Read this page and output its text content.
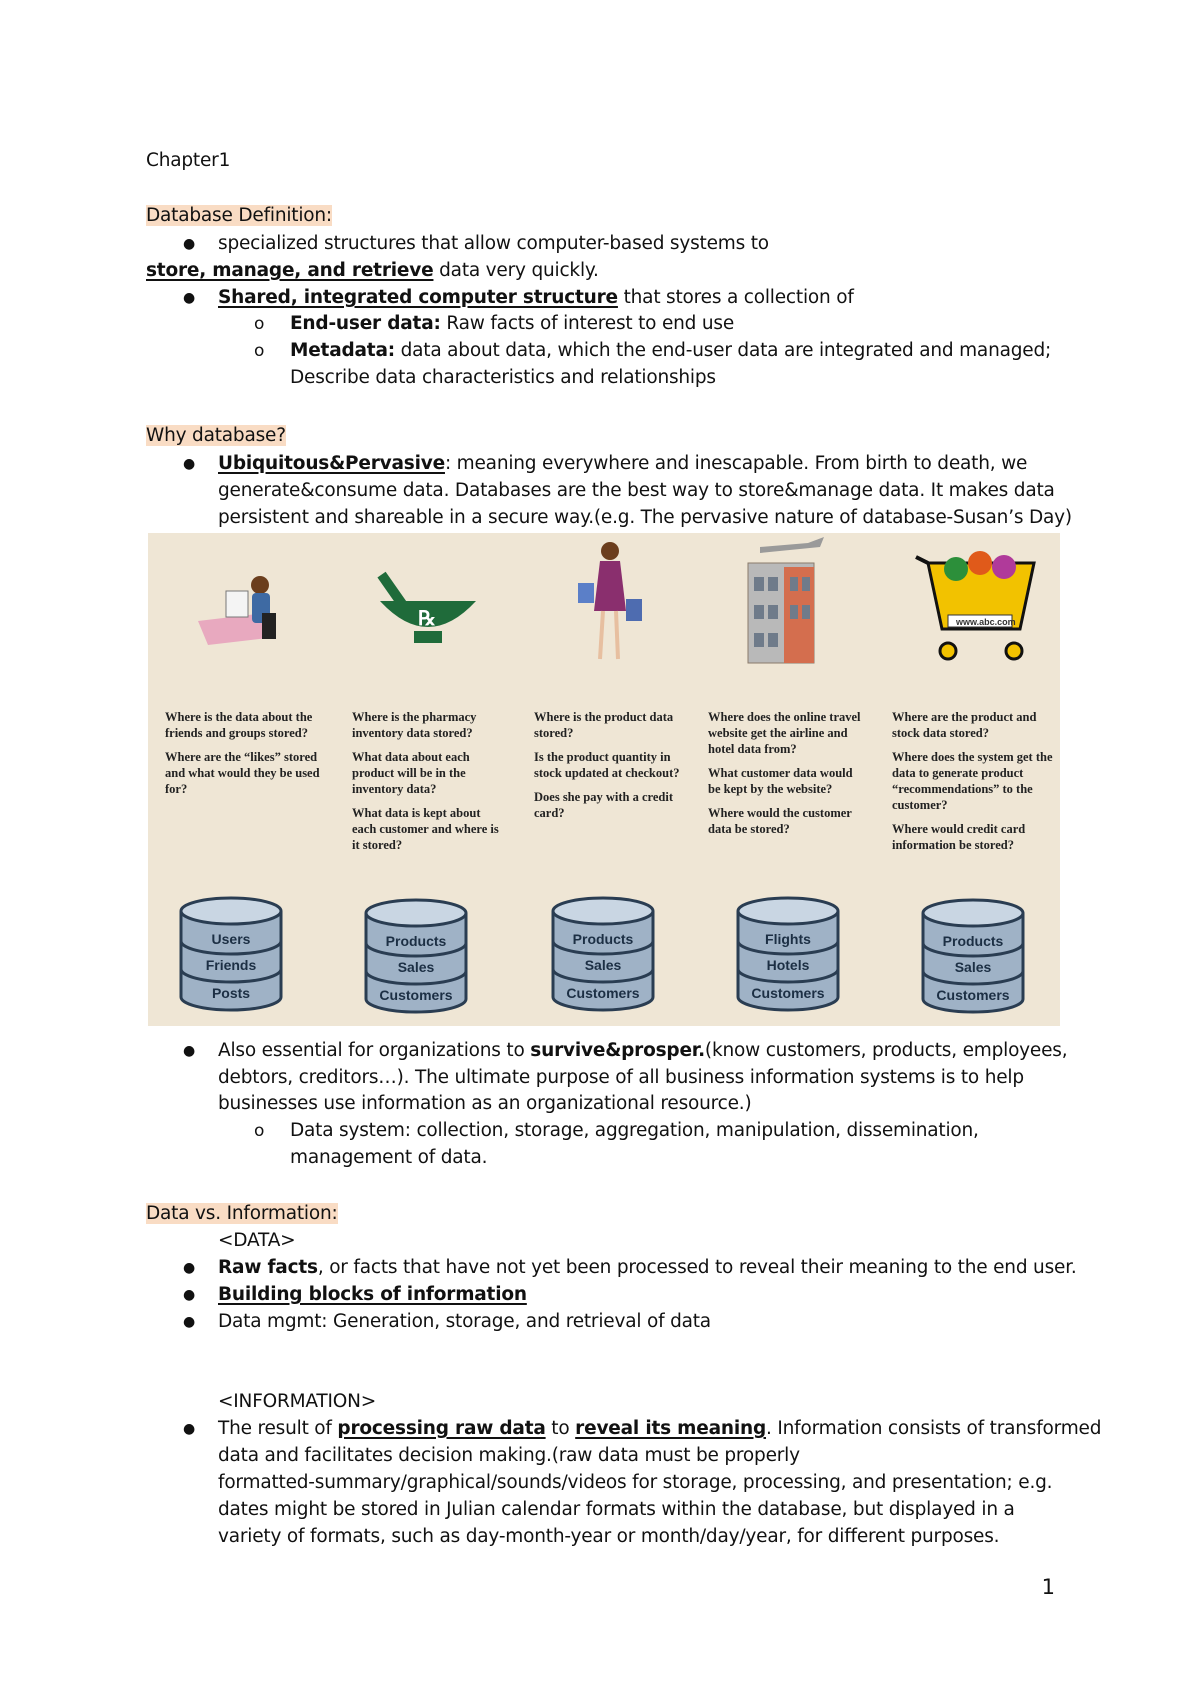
Chapter1
Database Definition:
● specialized structures that allow computer-based systems to
store, manage, and retrieve data very quickly.
● Shared, integrated computer structure that stores a collection of
o End-user data: Raw facts of interest to end use
o Metadata: data about data, which the end-user data are integrated and managed;
Describe data characteristics and relationships
Why database?
● Ubiquitous&Pervasive: meaning everywhere and inescapable. From birth to death, we
generate&consume data. Databases are the best way to store&manage data. It makes data
persistent and shareable in a secure way.(e.g. The pervasive nature of database-Susan’s Day)
℞	www.abc.com

Where is the data about the friends and groups stored?

Where are the “likes” stored and what would they be used for?

Where is the pharmacy inventory data stored?

What data about each product will be in the inventory data?

What data is kept about each customer and where is it stored?

Where is the product data stored?

Is the product quantity in stock updated at checkout?

Does she pay with a credit card?

Where does the online travel website get the airline and hotel data from?

What customer data would be kept by the website?

Where would the customer data be stored?

Where are the product and stock data stored?

Where does the system get the data to generate product “recommendations” to the customer?

Where would credit card information be stored?

Users
Friends
Posts
Products
Sales
Customers
Products
Sales
Customers
Flights
Hotels
Customers
Products
Sales
Customers
● Also essential for organizations to survive&prosper.(know customers, products, employees,
debtors, creditors…). The ultimate purpose of all business information systems is to help
businesses use information as an organizational resource.)
o Data system: collection, storage, aggregation, manipulation, dissemination,
management of data.
Data vs. Information:
<DATA>
● Raw facts, or facts that have not yet been processed to reveal their meaning to the end user.
● Building blocks of information
● Data mgmt: Generation, storage, and retrieval of data
<INFORMATION>
● The result of processing raw data to reveal its meaning. Information consists of transformed
data and facilitates decision making.(raw data must be properly
formatted-summary/graphical/sounds/videos for storage, processing, and presentation; e.g.
dates might be stored in Julian calendar formats within the database, but displayed in a
variety of formats, such as day-month-year or month/day/year, for different purposes.
1
